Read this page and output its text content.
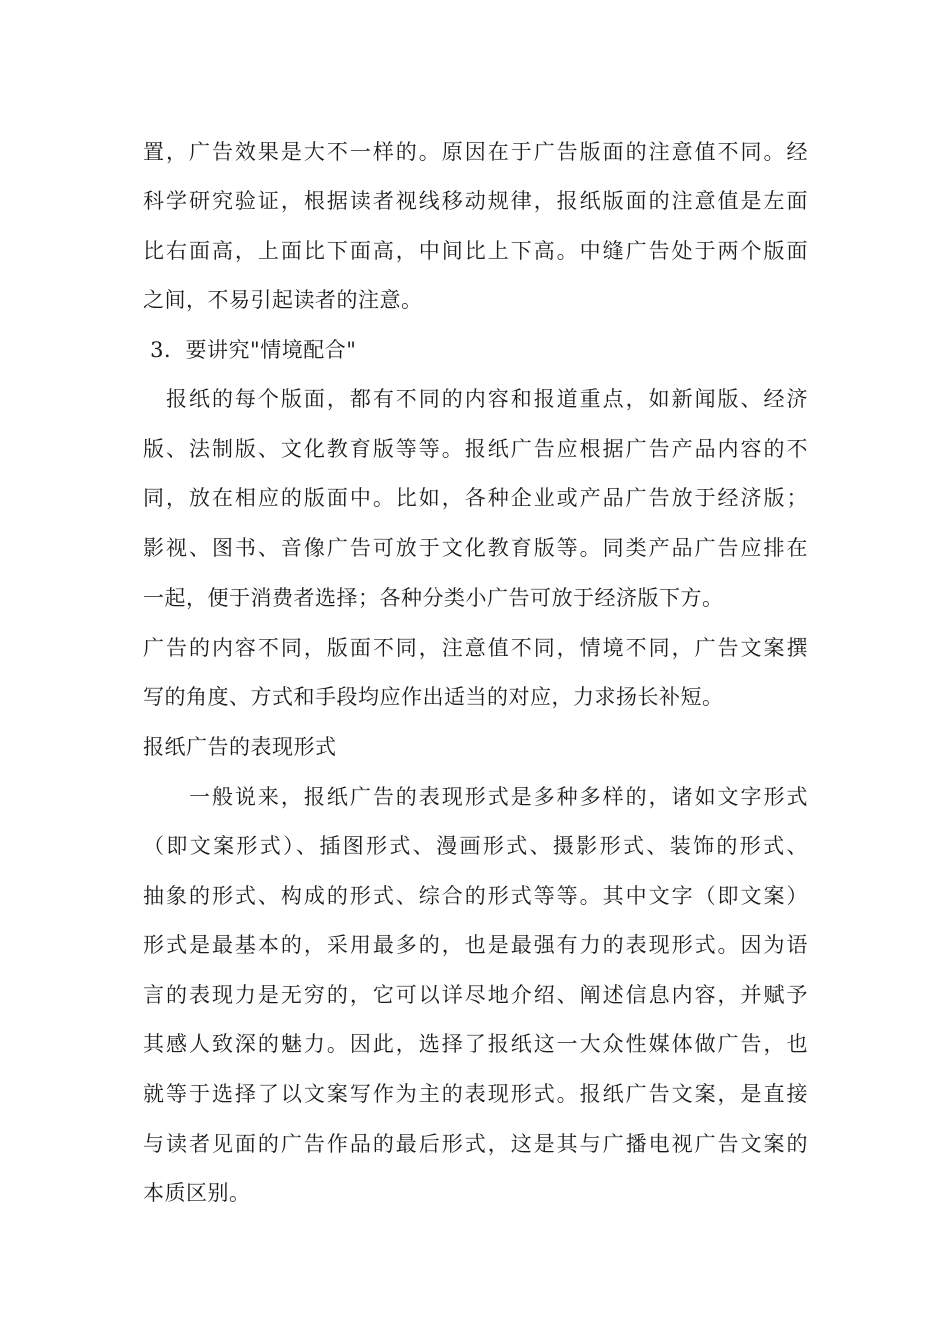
置，广告效果是大不一样的。原因在于广告版面的注意值不同。经
科学研究验证，根据读者视线移动规律，报纸版面的注意值是左面
比右面高，上面比下面高，中间比上下高。中缝广告处于两个版面
之间，不易引起读者的注意。
3．要讲究"情境配合"
　报纸的每个版面，都有不同的内容和报道重点，如新闻版、经济
版、法制版、文化教育版等等。报纸广告应根据广告产品内容的不
同，放在相应的版面中。比如，各种企业或产品广告放于经济版；
影视、图书、音像广告可放于文化教育版等。同类产品广告应排在
一起，便于消费者选择；各种分类小广告可放于经济版下方。
广告的内容不同，版面不同，注意值不同，情境不同，广告文案撰
写的角度、方式和手段均应作出适当的对应，力求扬长补短。
报纸广告的表现形式
　　一般说来，报纸广告的表现形式是多种多样的，诸如文字形式
（即文案形式）、插图形式、漫画形式、摄影形式、装饰的形式、
抽象的形式、构成的形式、综合的形式等等。其中文字（即文案）
形式是最基本的，采用最多的，也是最强有力的表现形式。因为语
言的表现力是无穷的，它可以详尽地介绍、阐述信息内容，并赋予
其感人致深的魅力。因此，选择了报纸这一大众性媒体做广告，也
就等于选择了以文案写作为主的表现形式。报纸广告文案，是直接
与读者见面的广告作品的最后形式，这是其与广播电视广告文案的
本质区别。
